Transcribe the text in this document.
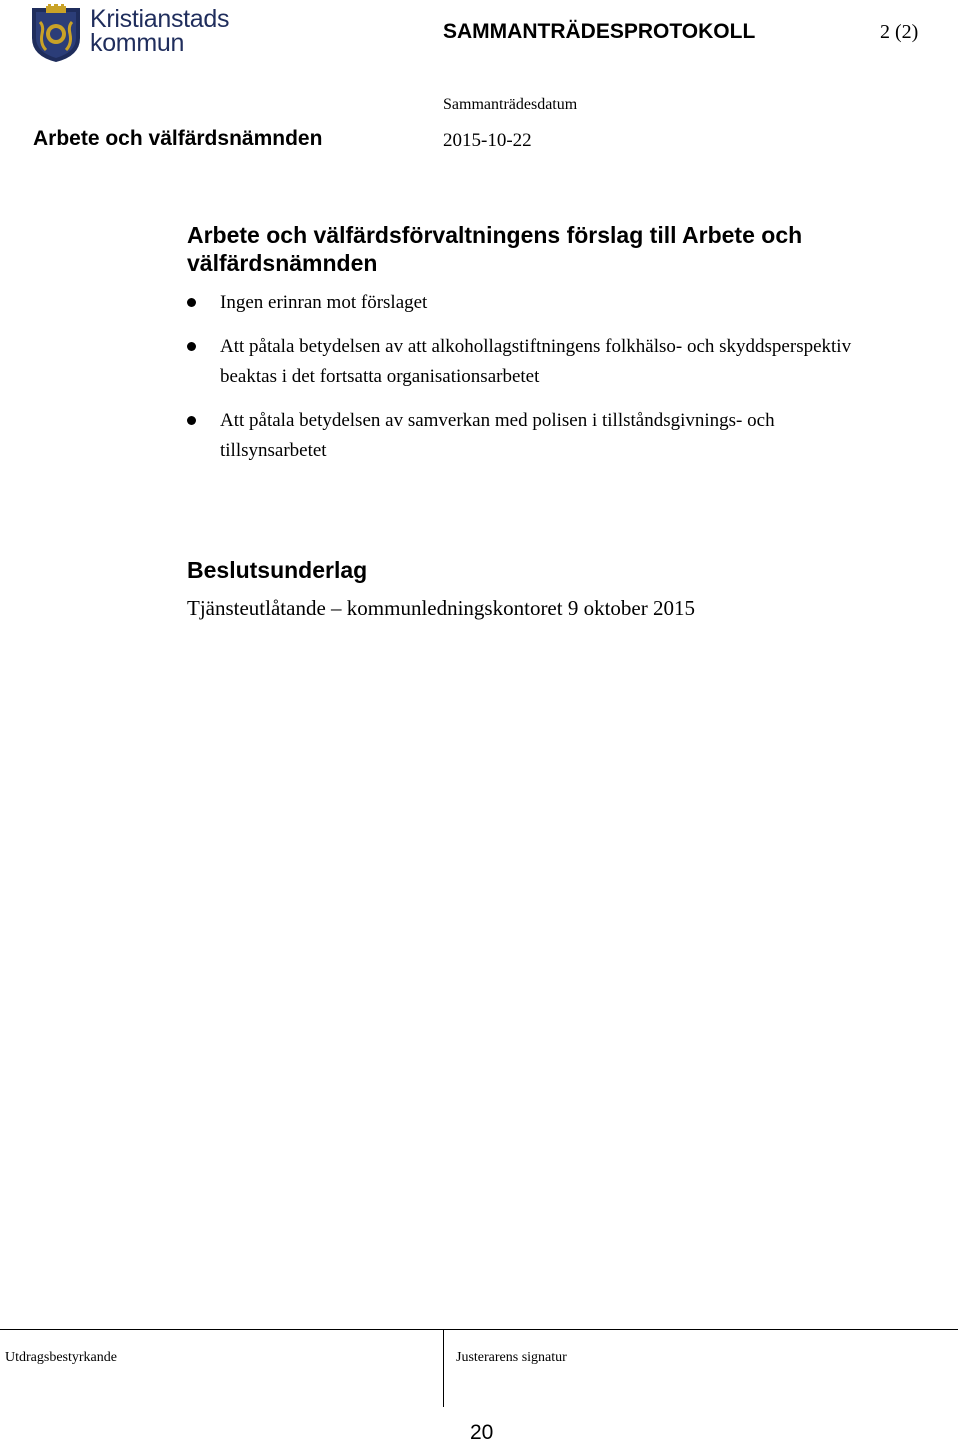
Kristianstads
kommun	SAMMANTRÄDESPROTOKOLL	2 (2)
Sammanträdesdatum
Arbete och välfärdsnämnden	2015-10-22
Arbete och välfärdsförvaltningens förslag till Arbete och välfärdsnämnden
Ingen erinran mot förslaget
Att påtala betydelsen av att alkohollagstiftningens folkhälso- och skyddsperspektiv beaktas i det fortsatta organisationsarbetet
Att påtala betydelsen av samverkan med polisen i tillståndsgivnings- och tillsynsarbetet
Beslutsunderlag
Tjänsteutlåtande – kommunledningskontoret 9 oktober 2015
Utdragsbestyrkande	Justerarens signatur
20
